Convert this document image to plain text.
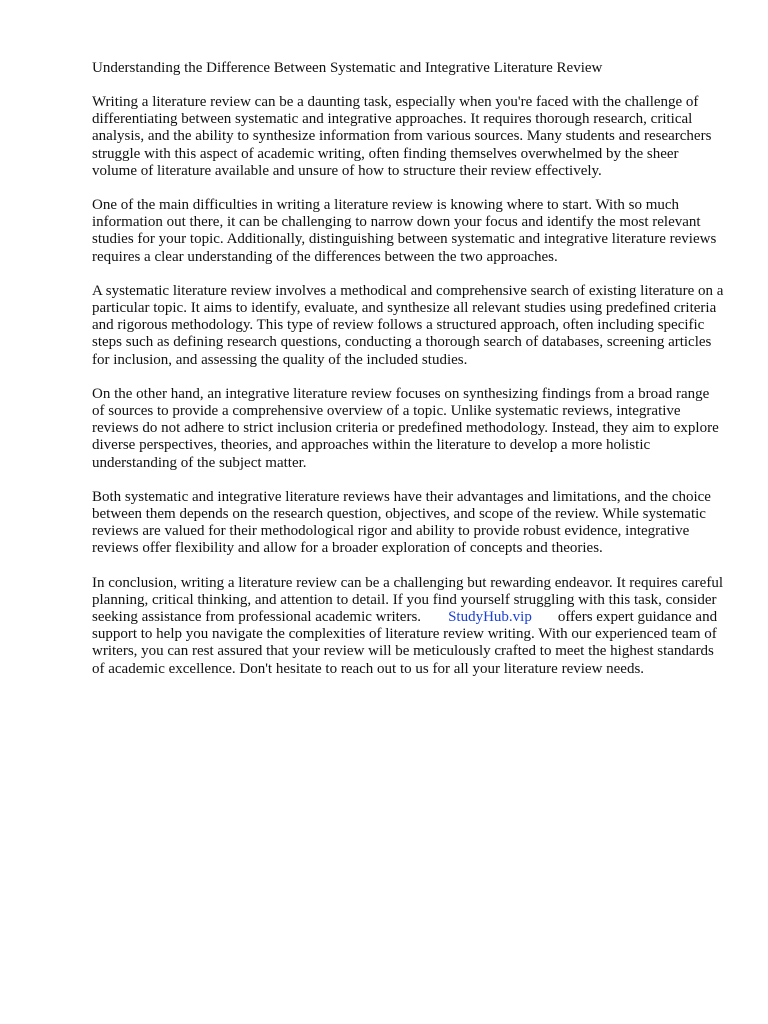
Understanding the Difference Between Systematic and Integrative Literature Review

Writing a literature review can be a daunting task, especially when you're faced with the challenge of differentiating between systematic and integrative approaches. It requires thorough research, critical analysis, and the ability to synthesize information from various sources. Many students and researchers struggle with this aspect of academic writing, often finding themselves overwhelmed by the sheer volume of literature available and unsure of how to structure their review effectively.

One of the main difficulties in writing a literature review is knowing where to start. With so much information out there, it can be challenging to narrow down your focus and identify the most relevant studies for your topic. Additionally, distinguishing between systematic and integrative literature reviews requires a clear understanding of the differences between the two approaches.

A systematic literature review involves a methodical and comprehensive search of existing literature on a particular topic. It aims to identify, evaluate, and synthesize all relevant studies using predefined criteria and rigorous methodology. This type of review follows a structured approach, often including specific steps such as defining research questions, conducting a thorough search of databases, screening articles for inclusion, and assessing the quality of the included studies.

On the other hand, an integrative literature review focuses on synthesizing findings from a broad range of sources to provide a comprehensive overview of a topic. Unlike systematic reviews, integrative reviews do not adhere to strict inclusion criteria or predefined methodology. Instead, they aim to explore diverse perspectives, theories, and approaches within the literature to develop a more holistic understanding of the subject matter.

Both systematic and integrative literature reviews have their advantages and limitations, and the choice between them depends on the research question, objectives, and scope of the review. While systematic reviews are valued for their methodological rigor and ability to provide robust evidence, integrative reviews offer flexibility and allow for a broader exploration of concepts and theories.

In conclusion, writing a literature review can be a challenging but rewarding endeavor. It requires careful planning, critical thinking, and attention to detail. If you find yourself struggling with this task, consider seeking assistance from professional academic writers. StudyHub.vip offers expert guidance and support to help you navigate the complexities of literature review writing. With our experienced team of writers, you can rest assured that your review will be meticulously crafted to meet the highest standards of academic excellence. Don't hesitate to reach out to us for all your literature review needs.
